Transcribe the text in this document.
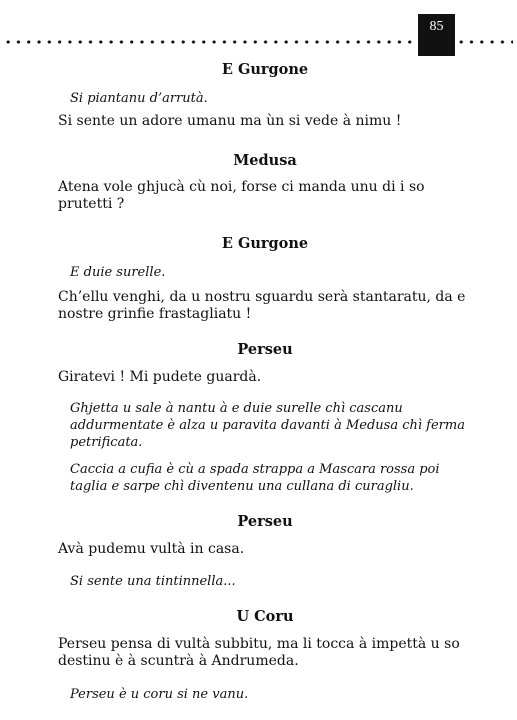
85

E Gurgone

Si piantanu d’arrutà.

Si sente un adore umanu ma ùn si vede à nimu !

Medusa

Atena vole ghjucà cù noi, forse ci manda unu di i so prutetti ?

E Gurgone

E duie surelle.

Ch’ellu venghi, da u nostru sguardu serà stantaratu, da e nostre grinfie frastagliatu !

Perseu

Giratevi ! Mi pudete guardà.

Ghjetta u sale à nantu à e duie surelle chì cascanu addurmentate è alza u paravita davanti à Medusa chì ferma petrificata.

Caccia a cufia è cù a spada strappa a Mascara rossa poi taglia e sarpe chì diventenu una cullana di curagliu.

Perseu

Avà pudemu vultà in casa.

Si sente una tintinnella...

U Coru

Perseu pensa di vultà subbitu, ma li tocca à impettà u so destinu è à scuntrà à Andrumeda.

Perseu è u coru si ne vanu.
